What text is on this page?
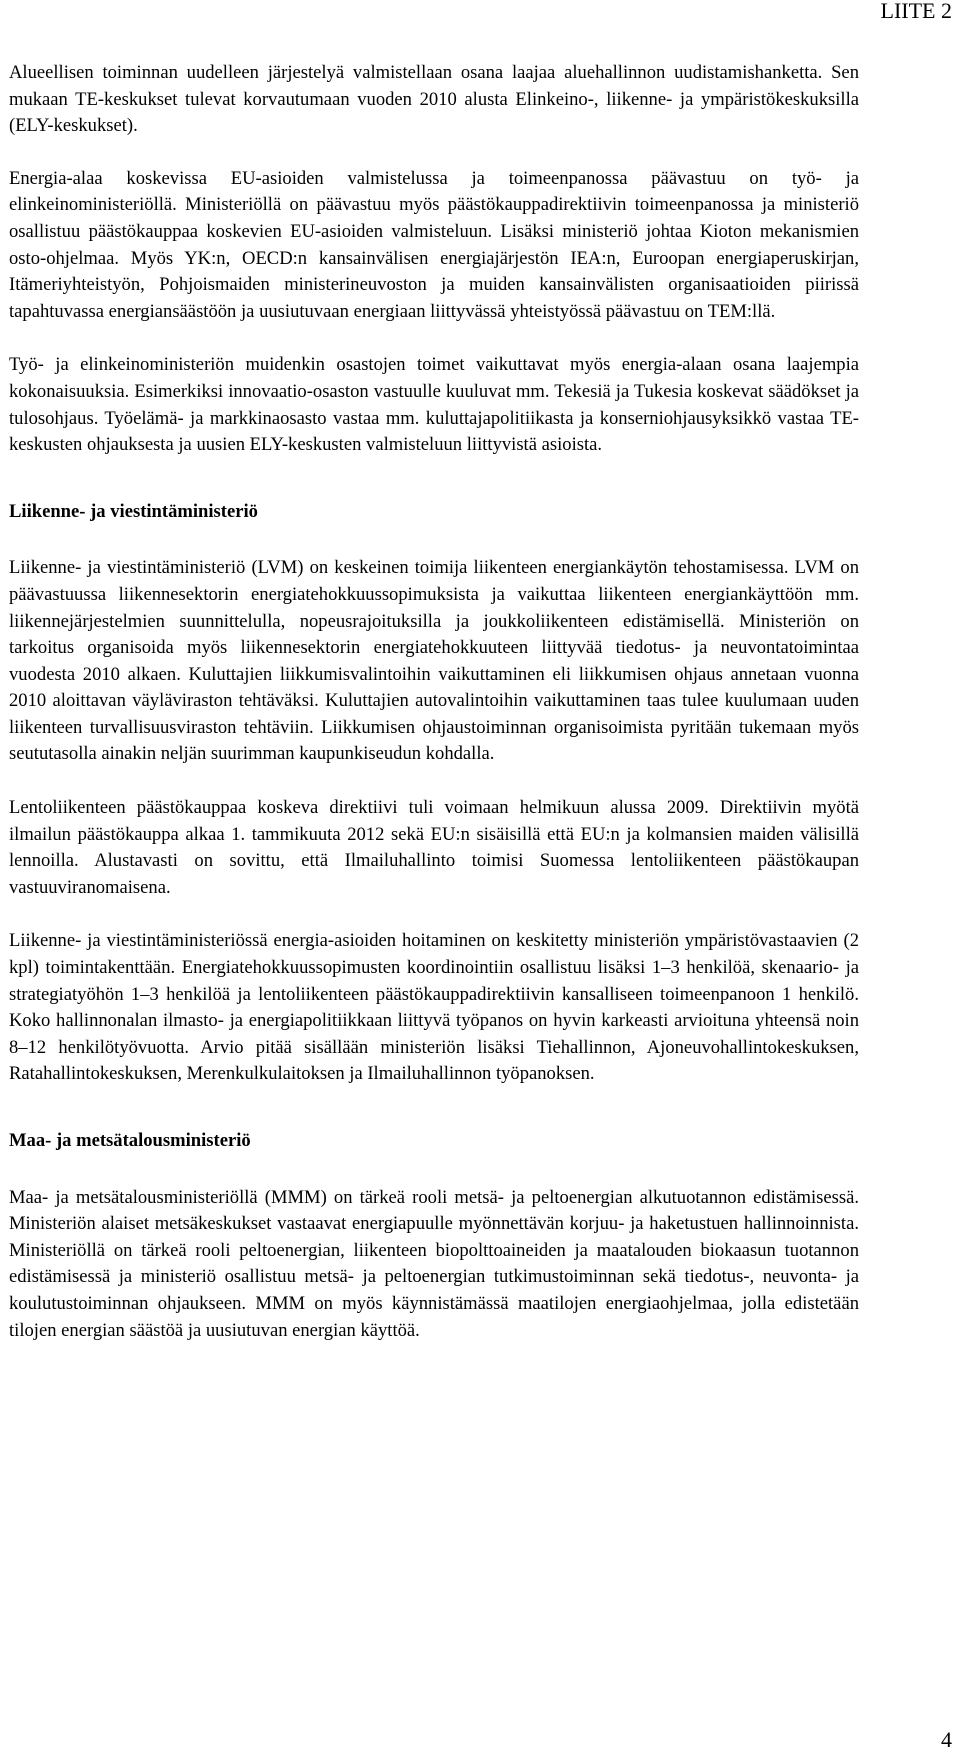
LIITE 2

Alueellisen toiminnan uudelleen järjestelyä valmistellaan osana laajaa aluehallinnon uudistamishanketta. Sen mukaan TE-keskukset tulevat korvautumaan vuoden 2010 alusta Elinkeino-, liikenne- ja ympäristökeskuksilla (ELY-keskukset).

Energia-alaa koskevissa EU-asioiden valmistelussa ja toimeenpanossa päävastuu on työ- ja elinkeinoministeriöllä. Ministeriöllä on päävastuu myös päästökauppadirektiivin toimeenpanossa ja ministeriö osallistuu päästökauppaa koskevien EU-asioiden valmisteluun. Lisäksi ministeriö johtaa Kioton mekanismien osto-ohjelmaa. Myös YK:n, OECD:n kansainvälisen energiajärjestön IEA:n, Euroopan energiaperuskirjan, Itämeriyhteistyön, Pohjoismaiden ministerineuvoston ja muiden kansainvälisten organisaatioiden piirissä tapahtuvassa energiansäästöön ja uusiutuvaan energiaan liittyvässä yhteistyössä päävastuu on TEM:llä.

Työ- ja elinkeinoministeriön muidenkin osastojen toimet vaikuttavat myös energia-alaan osana laajempia kokonaisuuksia. Esimerkiksi innovaatio-osaston vastuulle kuuluvat mm. Tekesiä ja Tukesia koskevat säädökset ja tulosohjaus. Työelämä- ja markkinaosasto vastaa mm. kuluttajapolitiikasta ja konserniohjausyksikkö vastaa TE- keskusten ohjauksesta ja uusien ELY-keskusten valmisteluun liittyvistä asioista.

Liikenne- ja viestintäministeriö

Liikenne- ja viestintäministeriö (LVM) on keskeinen toimija liikenteen energiankäytön tehostamisessa. LVM on päävastuussa liikennesektorin energiatehokkuussopimuksista ja vaikuttaa liikenteen energiankäyttöön mm. liikennejärjestelmien suunnittelulla, nopeusrajoituksilla ja joukkoliikenteen edistämisellä. Ministeriön on tarkoitus organisoida myös liikennesektorin energiatehokkuuteen liittyvää tiedotus- ja neuvontatoimintaa vuodesta 2010 alkaen. Kuluttajien liikkumisvalintoihin vaikuttaminen eli liikkumisen ohjaus annetaan vuonna 2010 aloittavan väyläviraston tehtäväksi. Kuluttajien autovalintoihin vaikuttaminen taas tulee kuulumaan uuden liikenteen turvallisuusviraston tehtäviin. Liikkumisen ohjaustoiminnan organisoimista pyritään tukemaan myös seututasolla ainakin neljän suurimman kaupunkiseudun kohdalla.

Lentoliikenteen päästökauppaa koskeva direktiivi tuli voimaan helmikuun alussa 2009. Direktiivin myötä ilmailun päästökauppa alkaa 1. tammikuuta 2012 sekä EU:n sisäisillä että EU:n ja kolmansien maiden välisillä lennoilla. Alustavasti on sovittu, että Ilmailuhallinto toimisi Suomessa lentoliikenteen päästökaupan vastuuviranomaisena.

Liikenne- ja viestintäministeriössä energia-asioiden hoitaminen on keskitetty ministeriön ympäristövastaavien (2 kpl) toimintakenttään. Energiatehokkuussopimusten koordinointiin osallistuu lisäksi 1–3 henkilöä, skenaario- ja strategiatyöhön 1–3 henkilöä ja lentoliikenteen päästökauppadirektiivin kansalliseen toimeenpanoon 1 henkilö. Koko hallinnonalan ilmasto- ja energiapolitiikkaan liittyvä työpanos on hyvin karkeasti arvioituna yhteensä noin 8–12 henkilötyövuotta. Arvio pitää sisällään ministeriön lisäksi Tiehallinnon, Ajoneuvohallintokeskuksen, Ratahallintokeskuksen, Merenkulkulaitoksen ja Ilmailuhallinnon työpanoksen.

Maa- ja metsätalousministeriö

Maa- ja metsätalousministeriöllä (MMM) on tärkeä rooli metsä- ja peltoenergian alkutuotannon edistämisessä. Ministeriön alaiset metsäkeskukset vastaavat energiapuulle myönnettävän korjuu- ja haketustuen hallinnoinnista. Ministeriöllä on tärkeä rooli peltoenergian, liikenteen biopolttoaineiden ja maatalouden biokaasun tuotannon edistämisessä ja ministeriö osallistuu metsä- ja peltoenergian tutkimustoiminnan sekä tiedotus-, neuvonta- ja koulutustoiminnan ohjaukseen. MMM on myös käynnistämässä maatilojen energiaohjelmaa, jolla edistetään tilojen energian säästöä ja uusiutuvan energian käyttöä.

4
